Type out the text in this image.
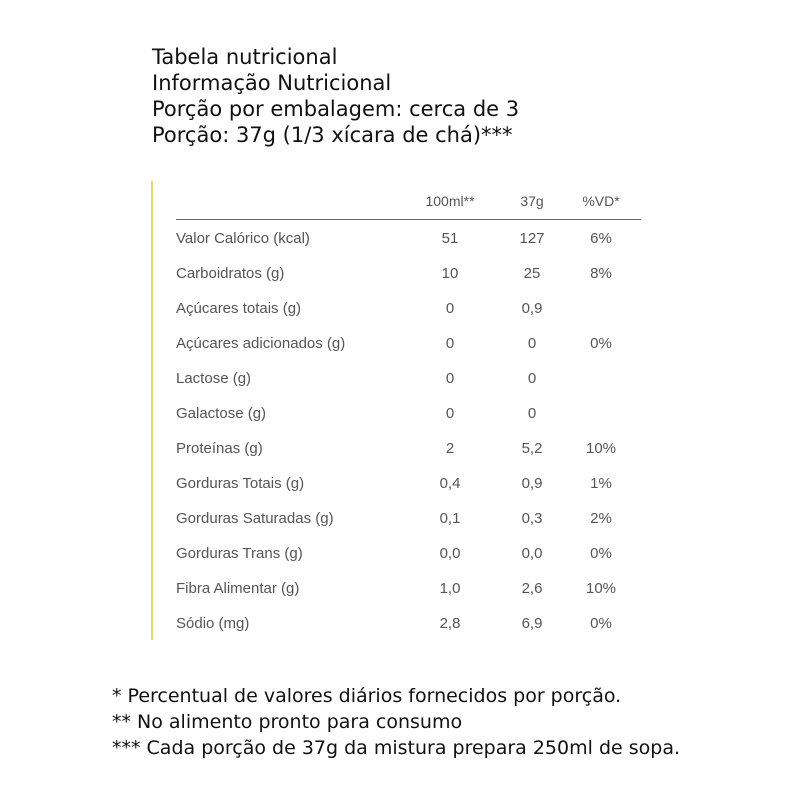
Tabela nutricional
Informação Nutricional
Porção por embalagem: cerca de 3
Porção: 37g (1/3 xícara de chá)***
100ml**	37g	%VD*
Valor Calórico (kcal)	51	127	6%
Carboidratos (g)	10	25	8%
Açúcares totais (g)	0	0,9
Açúcares adicionados (g)	0	0	0%
Lactose (g)	0	0
Galactose (g)	0	0
Proteínas (g)	2	5,2	10%
Gorduras Totais (g)	0,4	0,9	1%
Gorduras Saturadas (g)	0,1	0,3	2%
Gorduras Trans (g)	0,0	0,0	0%
Fibra Alimentar (g)	1,0	2,6	10%
Sódio (mg)	2,8	6,9	0%
* Percentual de valores diários fornecidos por porção.
** No alimento pronto para consumo
*** Cada porção de 37g da mistura prepara 250ml de sopa.
